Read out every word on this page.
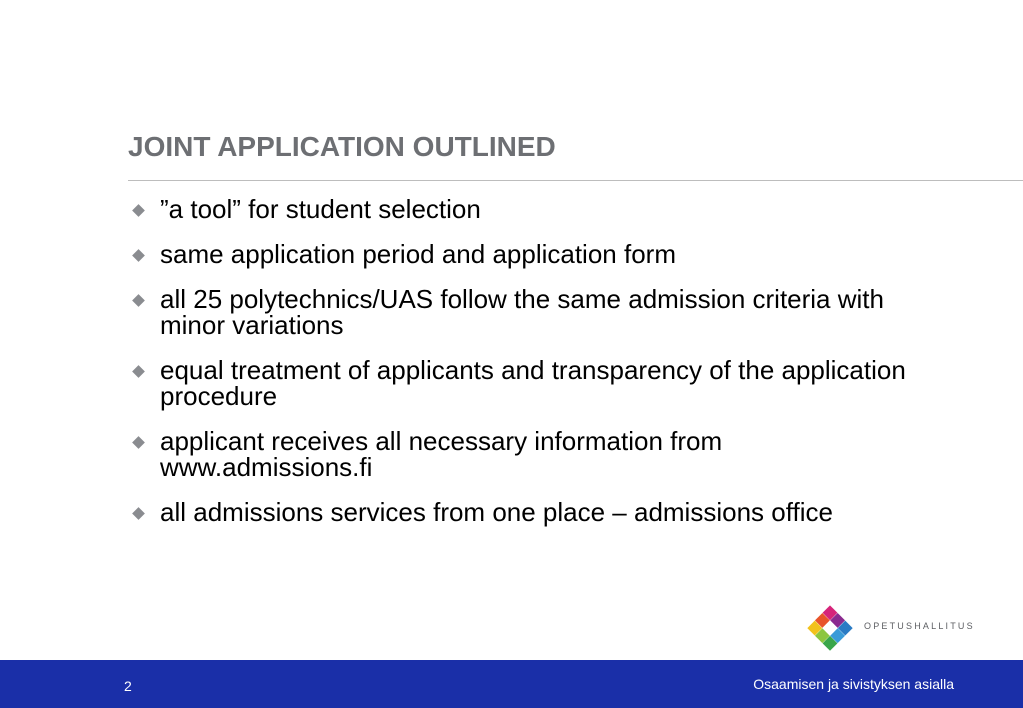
JOINT APPLICATION OUTLINED
”a tool” for student selection
same application period and application form
all 25 polytechnics/UAS follow the same admission criteria with minor variations
equal treatment of applicants and transparency of the application procedure
applicant receives all necessary information from www.admissions.fi
all admissions services from one place – admissions office
OPETUSHALLITUS
2	Osaamisen ja sivistyksen asialla
